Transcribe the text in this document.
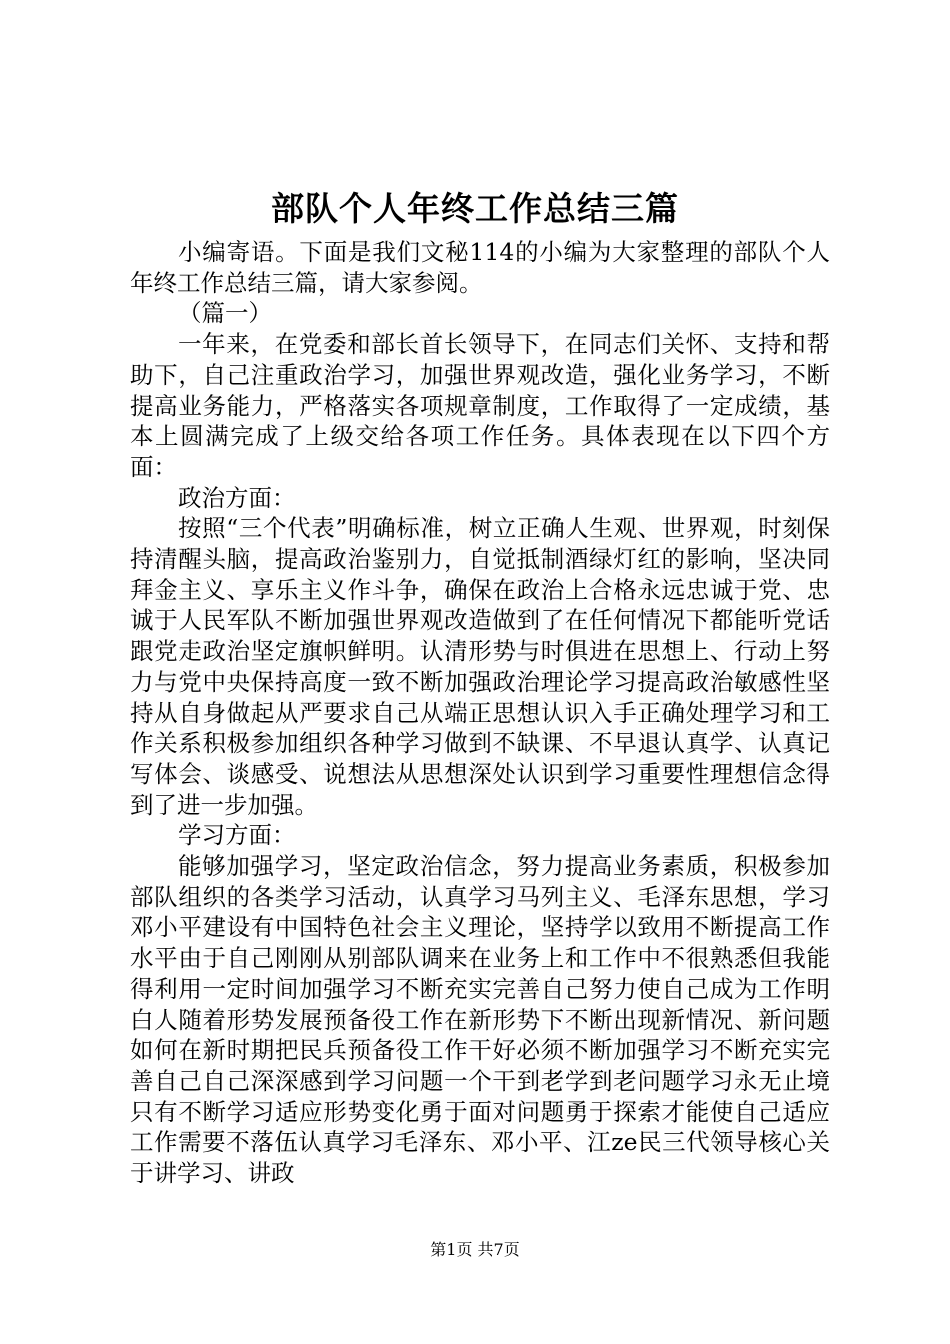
部队个人年终工作总结三篇

小编寄语。下面是我们文秘114的小编为大家整理的部队个人年终工作总结三篇，请大家参阅。

（篇一）

一年来，在党委和部长首长领导下，在同志们关怀、支持和帮助下，自己注重政治学习，加强世界观改造，强化业务学习，不断提高业务能力，严格落实各项规章制度，工作取得了一定成绩，基本上圆满完成了上级交给各项工作任务。具体表现在以下四个方面：

政治方面：

按照“三个代表”明确标准，树立正确人生观、世界观，时刻保持清醒头脑，提高政治鉴别力，自觉抵制酒绿灯红的影响，坚决同拜金主义、享乐主义作斗争，确保在政治上合格永远忠诚于党、忠诚于人民军队不断加强世界观改造做到了在任何情况下都能听党话跟党走政治坚定旗帜鲜明。认清形势与时俱进在思想上、行动上努力与党中央保持高度一致不断加强政治理论学习提高政治敏感性坚持从自身做起从严要求自己从端正思想认识入手正确处理学习和工作关系积极参加组织各种学习做到不缺课、不早退认真学、认真记写体会、谈感受、说想法从思想深处认识到学习重要性理想信念得到了进一步加强。

学习方面：

能够加强学习，坚定政治信念，努力提高业务素质，积极参加部队组织的各类学习活动，认真学习马列主义、毛泽东思想，学习邓小平建设有中国特色社会主义理论，坚持学以致用不断提高工作水平由于自己刚刚从别部队调来在业务上和工作中不很熟悉但我能得利用一定时间加强学习不断充实完善自己努力使自己成为工作明白人随着形势发展预备役工作在新形势下不断出现新情况、新问题如何在新时期把民兵预备役工作干好必须不断加强学习不断充实完善自己自己深深感到学习问题一个干到老学到老问题学习永无止境只有不断学习适应形势变化勇于面对问题勇于探索才能使自己适应工作需要不落伍认真学习毛泽东、邓小平、江ze民三代领导核心关于讲学习、讲政

第1页 共7页
